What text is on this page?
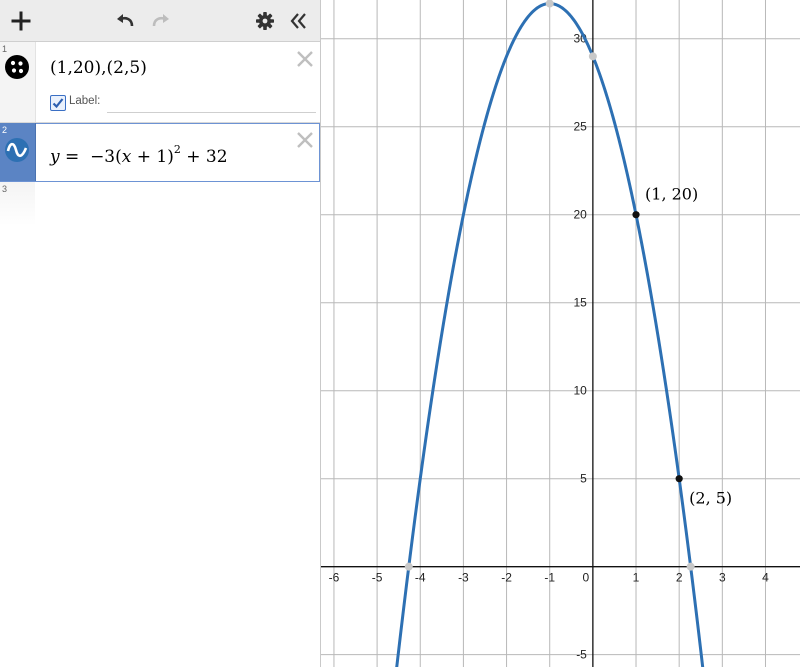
1
(1,20),(2,5)
Label:
2
$y = -3(x + 1)^2 + 32$
3
-6	-5	-4	-3	-2	-1 0	1	2	3	4
-5
5
10
15
20
25
30
(1, 20)
(2, 5)
